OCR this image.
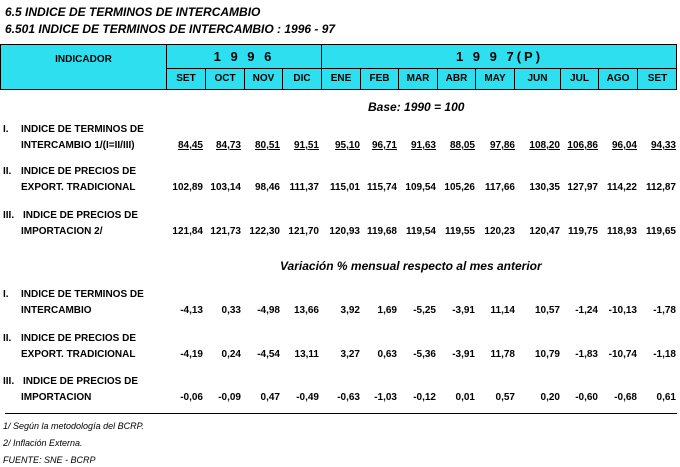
6.5 INDICE DE TERMINOS DE INTERCAMBIO
6.501 INDICE DE TERMINOS DE INTERCAMBIO : 1996 - 97
INDICADOR	1 9 9 6	1 9 9 7(P)
SET	OCT	NOV	DIC	ENE	FEB	MAR	ABR	MAY	JUN	JUL	AGO	SET
Base: 1990 = 100
Variación % mensual respecto al mes anterior
I. INDICE DE TERMINOS DE
INTERCAMBIO 1/(I=II/III)	84,45	84,73	80,51	91,51	95,10	96,71	91,63	88,05	97,86	108,20 106,86	96,04	94,33
II. INDICE DE PRECIOS DE
EXPORT. TRADICIONAL	102,89 103,14	98,46 111,37	115,01 115,74 109,54 105,26 117,66	130,35 127,97 114,22 112,87
III. INDICE DE PRECIOS DE
IMPORTACION 2/	121,84 121,73 122,30 121,70	120,93 119,68 119,54 119,55 120,23	120,47 119,75 118,93 119,65
I. INDICE DE TERMINOS DE
INTERCAMBIO	-4,13	0,33	-4,98	13,66	3,92	1,69	-5,25	-3,91	11,14	10,57	-1,24	-10,13	-1,78
II. INDICE DE PRECIOS DE
EXPORT. TRADICIONAL	-4,19	0,24	-4,54	13,11	3,27	0,63	-5,36	-3,91	11,78	10,79	-1,83	-10,74	-1,18
III. INDICE DE PRECIOS DE
IMPORTACION	-0,06	-0,09	0,47	-0,49	-0,63	-1,03	-0,12	0,01	0,57	0,20	-0,60	-0,68	0,61
1/ Según la metodología del BCRP.
2/ Inflación Externa.
FUENTE: SNE - BCRP
